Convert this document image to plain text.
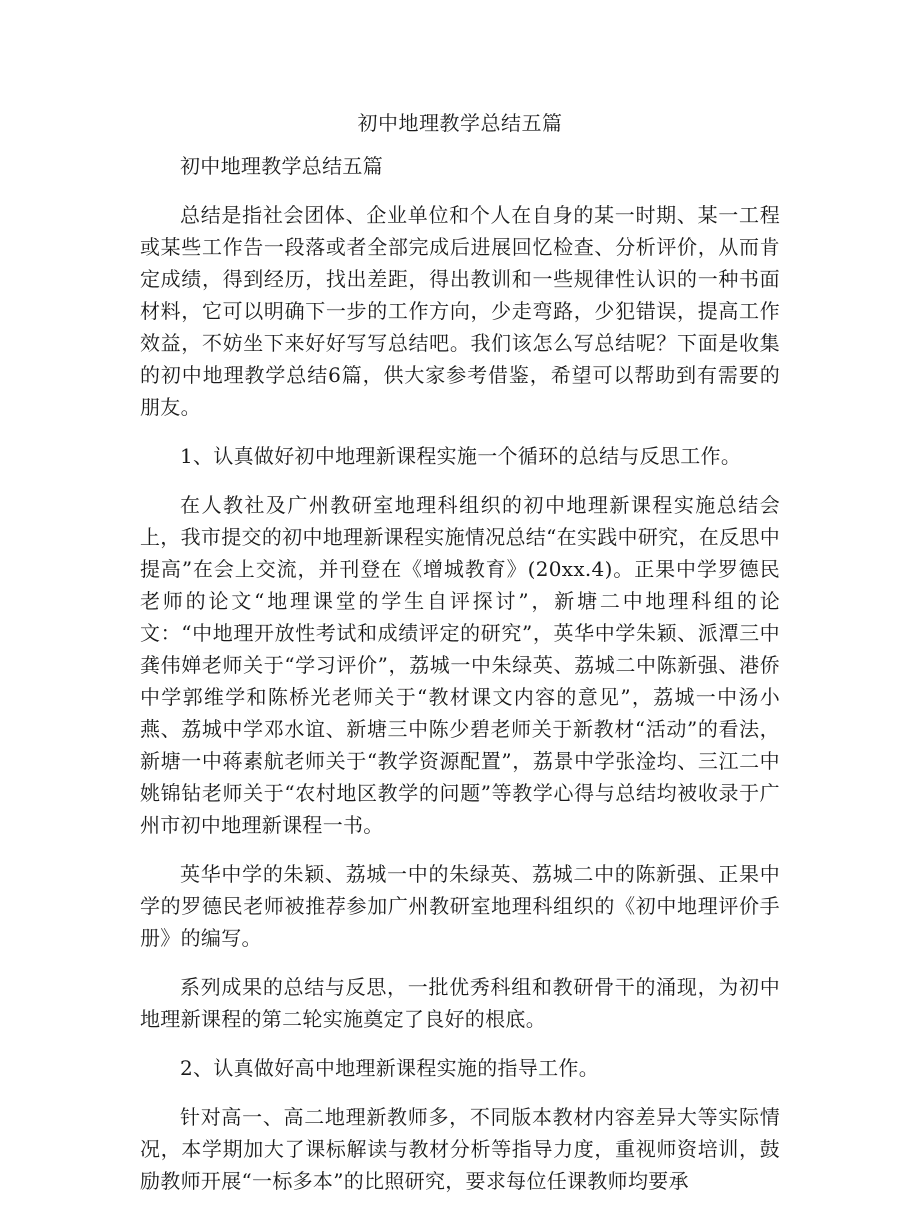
初中地理教学总结五篇

初中地理教学总结五篇

总结是指社会团体、企业单位和个人在自身的某一时期、某一工程或某些工作告一段落或者全部完成后进展回忆检查、分析评价，从而肯定成绩，得到经历，找出差距，得出教训和一些规律性认识的一种书面材料，它可以明确下一步的工作方向，少走弯路，少犯错误，提高工作效益，不妨坐下来好好写写总结吧。我们该怎么写总结呢？下面是收集的初中地理教学总结6篇，供大家参考借鉴，希望可以帮助到有需要的朋友。

1、认真做好初中地理新课程实施一个循环的总结与反思工作。

在人教社及广州教研室地理科组织的初中地理新课程实施总结会上，我市提交的初中地理新课程实施情况总结“在实践中研究，在反思中提高”在会上交流，并刊登在《增城教育》(20xx.4)。正果中学罗德民老师的论文“地理课堂的学生自评探讨”，新塘二中地理科组的论文：“中地理开放性考试和成绩评定的研究”，英华中学朱颖、派潭三中龚伟婵老师关于“学习评价”，荔城一中朱绿英、荔城二中陈新强、港侨中学郭维学和陈桥光老师关于“教材课文内容的意见”，荔城一中汤小燕、荔城中学邓水谊、新塘三中陈少碧老师关于新教材“活动”的看法，新塘一中蒋素航老师关于“教学资源配置”，荔景中学张淦均、三江二中姚锦钻老师关于“农村地区教学的问题”等教学心得与总结均被收录于广州市初中地理新课程一书。

英华中学的朱颖、荔城一中的朱绿英、荔城二中的陈新强、正果中学的罗德民老师被推荐参加广州教研室地理科组织的《初中地理评价手册》的编写。

系列成果的总结与反思，一批优秀科组和教研骨干的涌现，为初中地理新课程的第二轮实施奠定了良好的根底。

2、认真做好高中地理新课程实施的指导工作。

针对高一、高二地理新教师多，不同版本教材内容差异大等实际情况，本学期加大了课标解读与教材分析等指导力度，重视师资培训，鼓励教师开展“一标多本”的比照研究，要求每位任课教师均要承
